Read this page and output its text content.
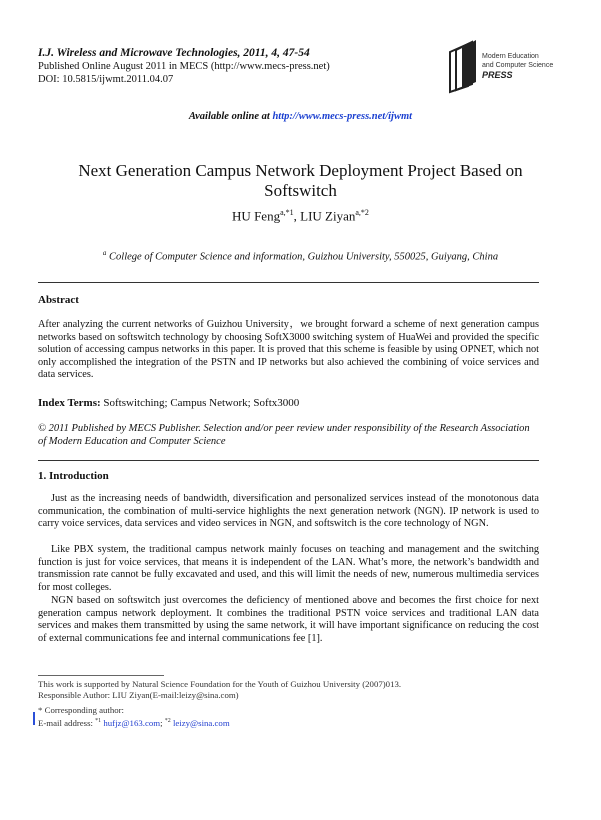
I.J. Wireless and Microwave Technologies, 2011, 4, 47-54
Published Online August 2011 in MECS (http://www.mecs-press.net)
DOI: 10.5815/ijwmt.2011.04.07
Modern Education
and Computer Science
PRESS
Available online at http://www.mecs-press.net/ijwmt
Next Generation Campus Network Deployment Project Based on Softswitch
HU Feng$^{a,*1}$, LIU Ziyan$^{a,*2}$
$^a$ College of Computer Science and information, Guizhou University, 550025, Guiyang, China
Abstract
After analyzing the current networks of Guizhou University，we brought forward a scheme of next generation campus networks based on softswitch technology by choosing SoftX3000 switching system of HuaWei and provided the specific solution of accessing campus networks in this paper. It is proved that this scheme is feasible by using OPNET, which not only accomplished the integration of the PSTN and IP networks but also achieved the combining of voice services and data services.
Index Terms: Softswitching; Campus Network; Softx3000
© 2011 Published by MECS Publisher. Selection and/or peer review under responsibility of the Research Association of Modern Education and Computer Science
1. Introduction
Just as the increasing needs of bandwidth, diversification and personalized services instead of the monotonous data communication, the combination of multi-service highlights the next generation network (NGN). IP network is used to carry voice services, data services and video services in NGN, and softswitch is the core technology of NGN.
Like PBX system, the traditional campus network mainly focuses on teaching and management and the switching function is just for voice services, that means it is independent of the LAN. What’s more, the network’s bandwidth and transmission rate cannot be fully excavated and used, and this will limit the needs of new, numerous multimedia services for most colleges.
NGN based on softswitch just overcomes the deficiency of mentioned above and becomes the first choice for next generation campus network deployment. It combines the traditional PSTN voice services and traditional LAN data services and makes them transmitted by using the same network, it will have important significance on reducing the cost of external communications fee and internal communications fee [1].
This work is supported by Natural Science Foundation for the Youth of Guizhou University (2007)013.
Responsible Author: LIU Ziyan(E-mail:leizy@sina.com)
* Corresponding author:
E-mail address: $^{*1}$ hufjz@163.com; $^{*2}$ leizy@sina.com
